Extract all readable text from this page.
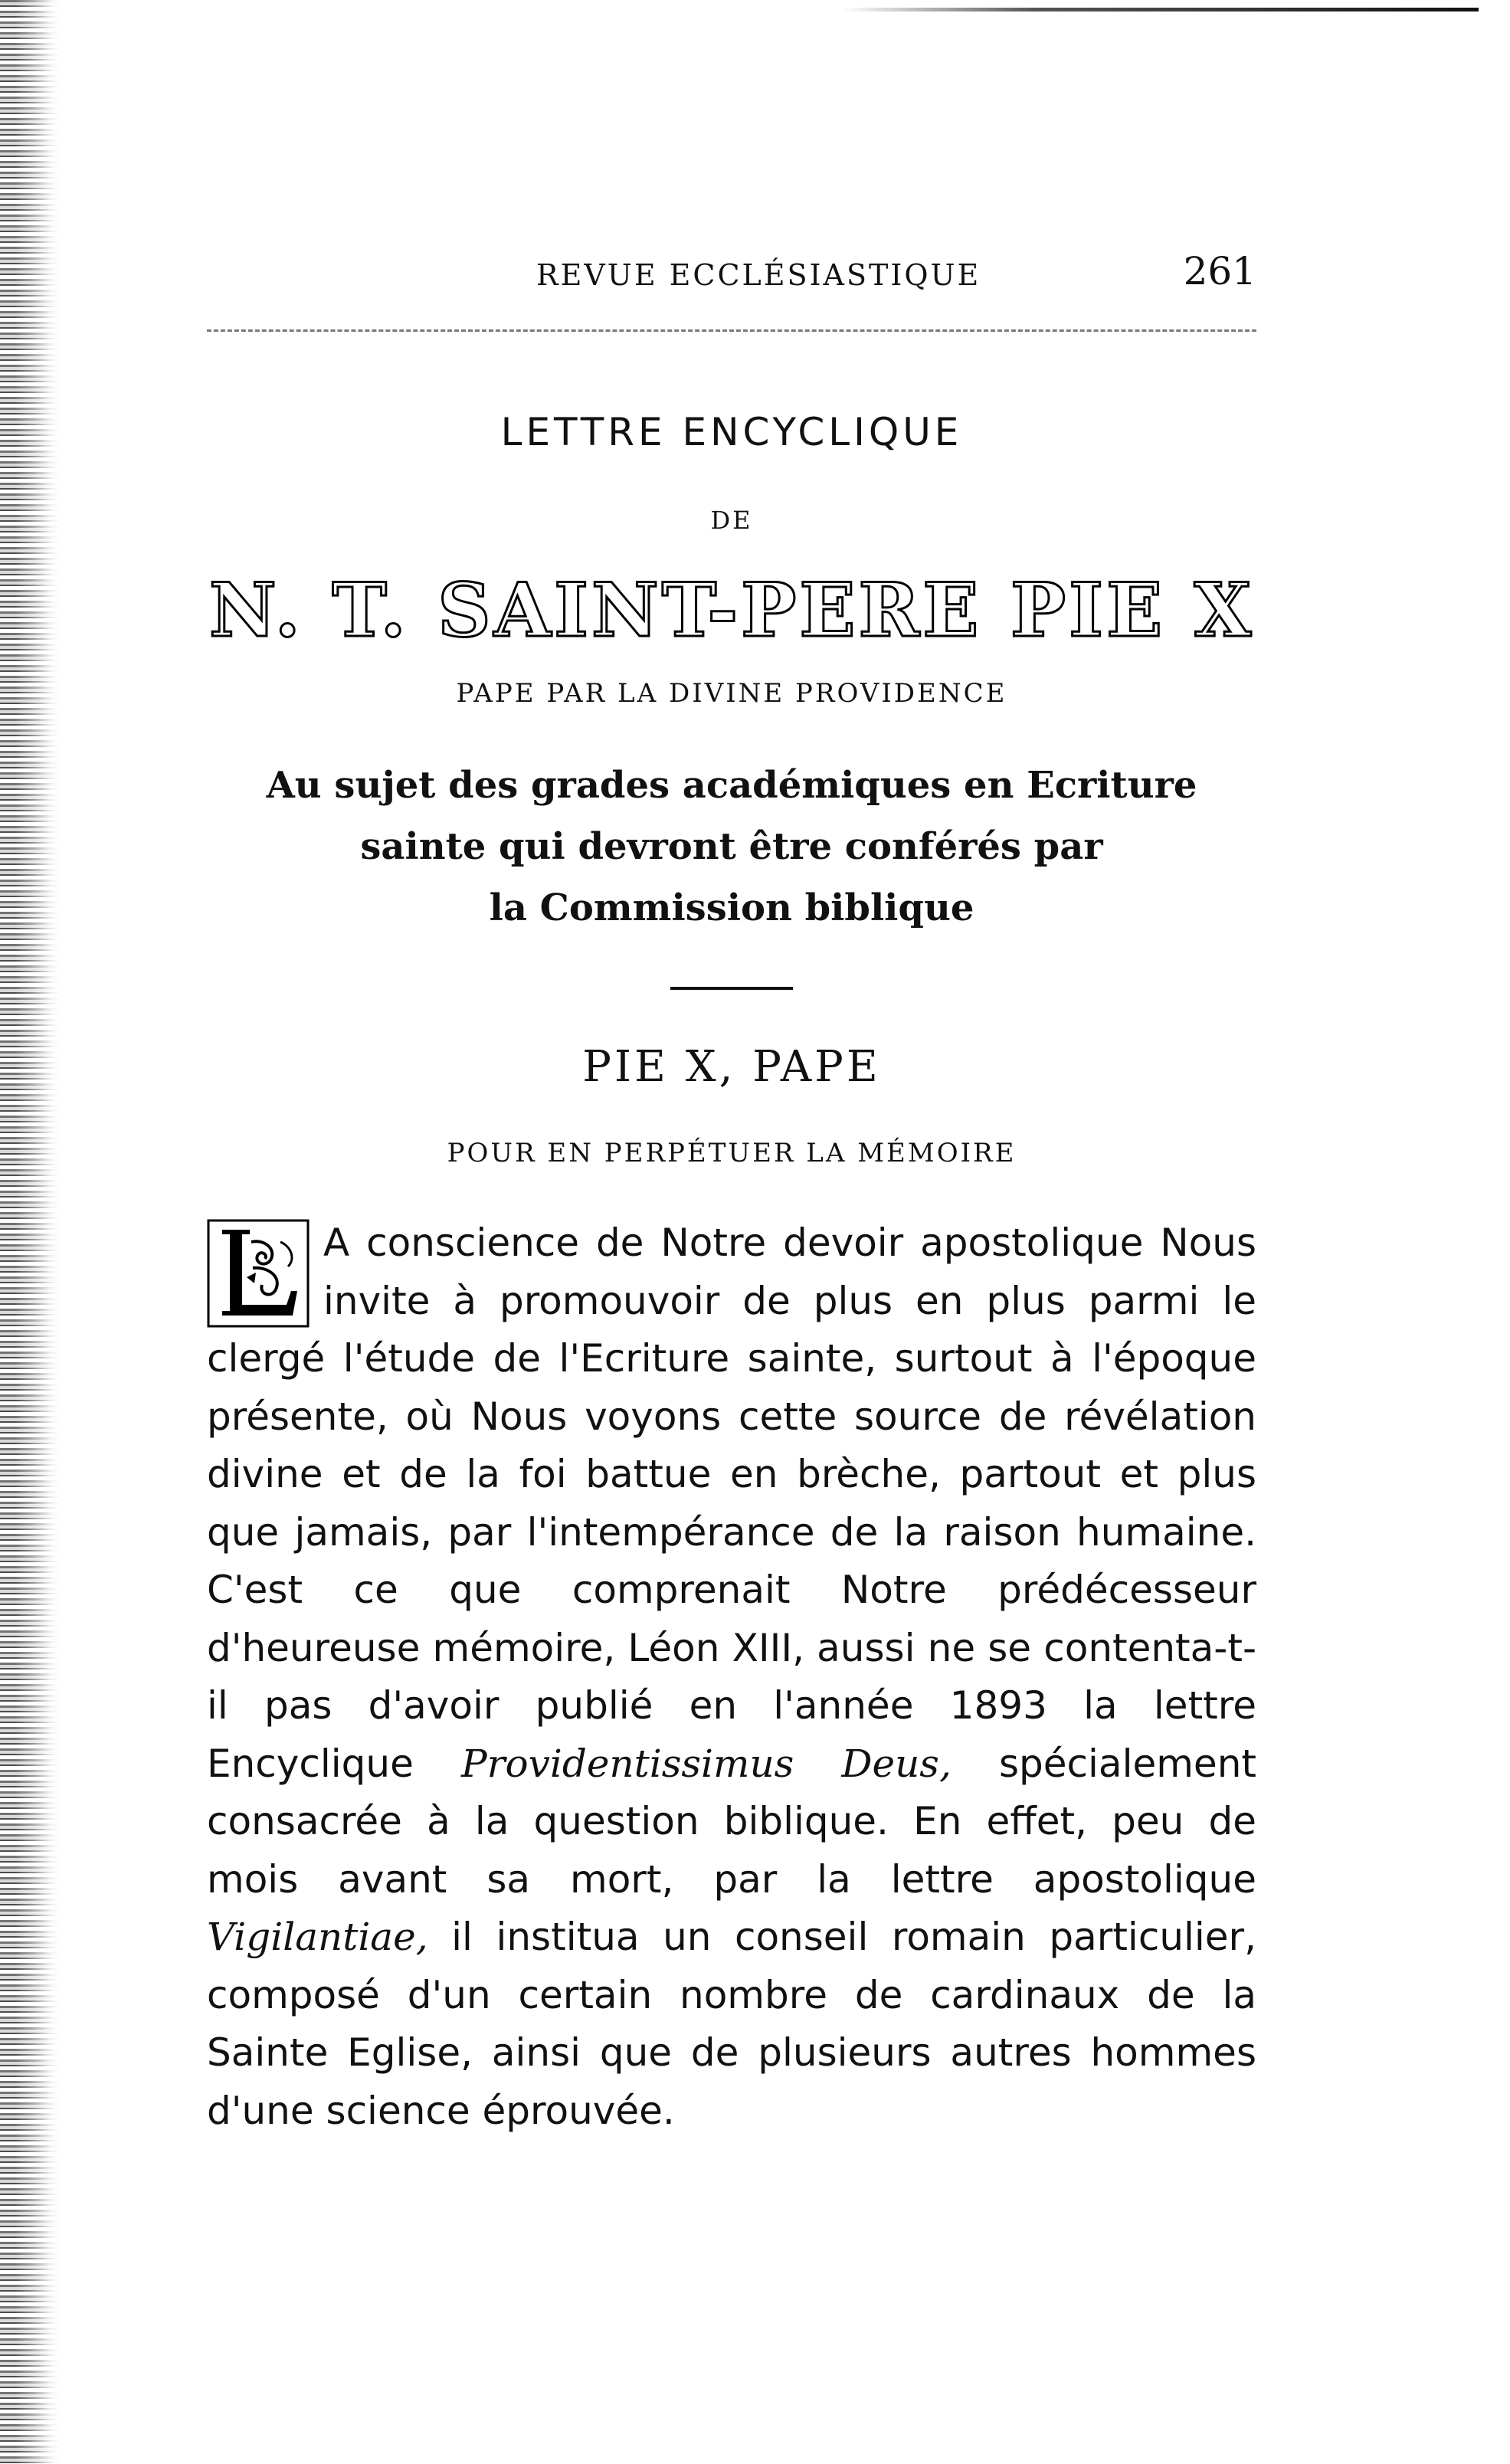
REVUE ECCLÉSIASTIQUE	261
LETTRE ENCYCLIQUE
DE
N. T. SAINT-PERE PIE X
PAPE PAR LA DIVINE PROVIDENCE
Au sujet des grades académiques en Ecriture
sainte qui devront être conférés par
la Commission biblique
PIE X, PAPE
POUR EN PERPÉTUER LA MÉMOIRE
A conscience de Notre devoir apostolique Nous invite à promouvoir de plus en plus parmi le clergé l'étude de l'Ecriture sainte, surtout à l'époque présente, où Nous voyons cette source de révélation divine et de la foi battue en brèche, partout et plus que jamais, par l'intempérance de la raison humaine. C'est ce que comprenait Notre prédécesseur d'heureuse mémoire, Léon XIII, aussi ne se contenta-t-il pas d'avoir publié en l'année 1893 la lettre Encyclique Providentissimus Deus, spécialement consacrée à la question biblique. En effet, peu de mois avant sa mort, par la lettre apostolique Vigilantiae, il institua un conseil romain particulier, composé d'un certain nombre de cardinaux de la Sainte Eglise, ainsi que de plusieurs autres hommes d'une science éprouvée.
